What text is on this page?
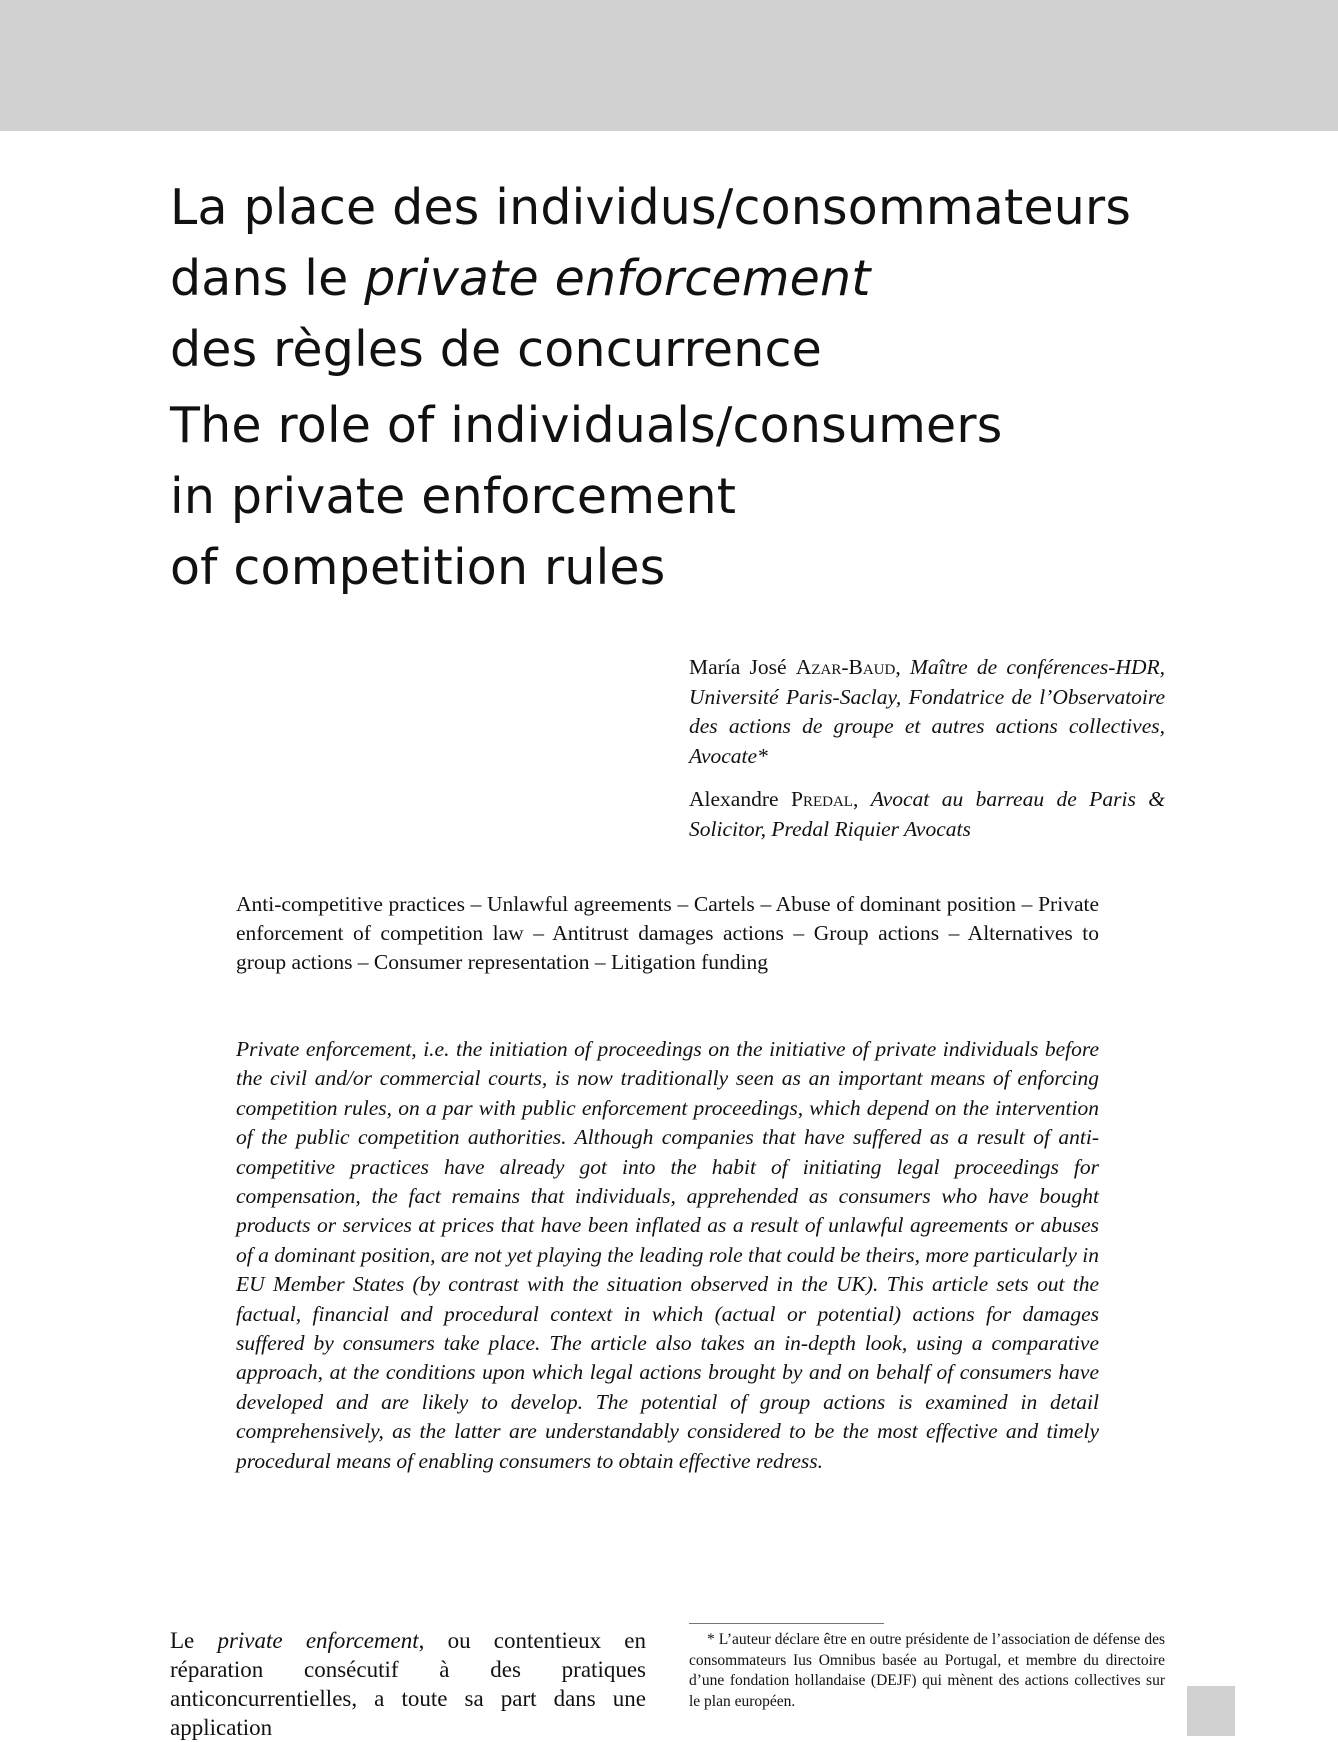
La place des individus/consommateurs
dans le private enforcement
des règles de concurrence
The role of individuals/consumers
in private enforcement
of competition rules

María José Azar-Baud, Maître de conférences-HDR, Université Paris-Saclay, Fondatrice de l’Observatoire des actions de groupe et autres actions collectives, Avocate*

Alexandre Predal, Avocat au barreau de Paris & Solicitor, Predal Riquier Avocats

Anti-competitive practices – Unlawful agreements – Cartels – Abuse of dominant position – Private enforcement of competition law – Antitrust damages actions – Group actions – Alternatives to group actions – Consumer representation – Litigation funding
Private enforcement, i.e. the initiation of proceedings on the initiative of private individuals before the civil and/or commercial courts, is now traditionally seen as an important means of enforcing competition rules, on a par with public enforcement proceedings, which depend on the intervention of the public competition authorities. Although companies that have suffered as a result of anti-competitive practices have already got into the habit of initiating legal proceedings for compensation, the fact remains that individuals, apprehended as consumers who have bought products or services at prices that have been inflated as a result of unlawful agreements or abuses of a dominant position, are not yet playing the leading role that could be theirs, more particularly in EU Member States (by contrast with the situation observed in the UK). This article sets out the factual, financial and procedural context in which (actual or potential) actions for damages suffered by consumers take place. The article also takes an in-depth look, using a comparative approach, at the conditions upon which legal actions brought by and on behalf of consumers have developed and are likely to develop. The potential of group actions is examined in detail comprehensively, as the latter are understandably considered to be the most effective and timely procedural means of enabling consumers to obtain effective redress.

Le private enforcement, ou contentieux en réparation consécutif à des pratiques anticoncurrentielles, a toute sa part dans une application

* L’auteur déclare être en outre présidente de l’association de défense des consommateurs Ius Omnibus basée au Portugal, et membre du directoire d’une fondation hollandaise (DEJF) qui mènent des actions collectives sur le plan européen.
